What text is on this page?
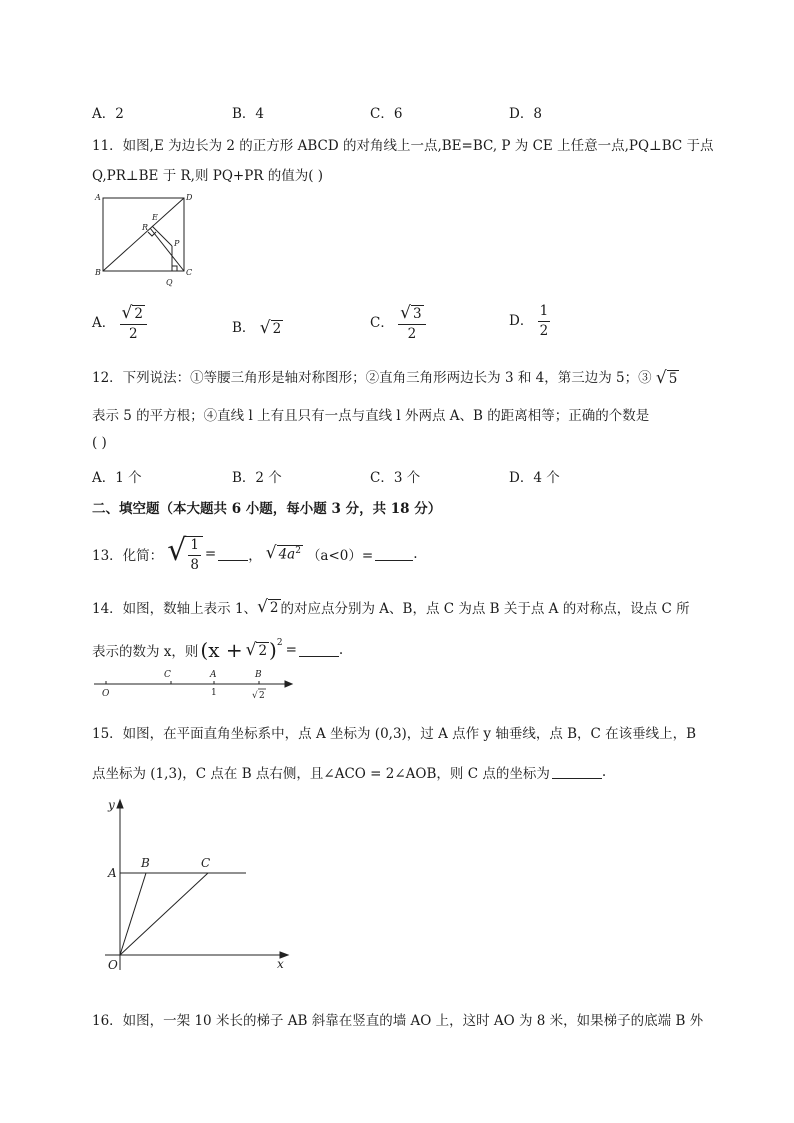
A．2	B．4	C．6	D．8
11．如图,E 为边长为 2 的正方形 ABCD 的对角线上一点,BE=BC, P 为 CE 上任意一点,PQ⊥BC 于点
Q,PR⊥BE 于 R,则 PQ+PR 的值为( )
A	D
B	C
E
R
P
Q
A． $\frac{√ 2}{2}$	B． √ 2	C． $\frac{√ 3}{2}$	D． $\frac{1}{2}$
12．下列说法：①等腰三角形是轴对称图形；②直角三角形两边长为 3 和 4，第三边为 5；③ √ 5
表示 5 的平方根；④直线 l 上有且只有一点与直线 l 外两点 A、B 的距离相等；正确的个数是
( )
A．1 个	B．2 个	C．3 个	D．4 个
二、填空题（本大题共 6 小题，每小题 3 分，共 18 分）
13．化简： √ $\frac{1}{8}$ = ， √ $4a^2$ （a<0）=	.
14．如图，数轴上表示 1、 √ 2 的对应点分别为 A、B，点 C 为点 B 关于点 A 的对称点，设点 C 所
表示的数为 x，则 (x + √ 2 )$^2$ =	.
O
C	A	B
1	√ 2
15．如图，在平面直角坐标系中，点 A 坐标为 (0,3)，过 A 点作 y 轴垂线，点 B，C 在该垂线上，B
点坐标为 (1,3)，C 点在 B 点右侧，且∠ACO = 2∠AOB，则 C 点的坐标为	.
y
x
A
B	C
O
16．如图，一架 10 米长的梯子 AB 斜靠在竖直的墙 AO 上，这时 AO 为 8 米，如果梯子的底端 B 外
